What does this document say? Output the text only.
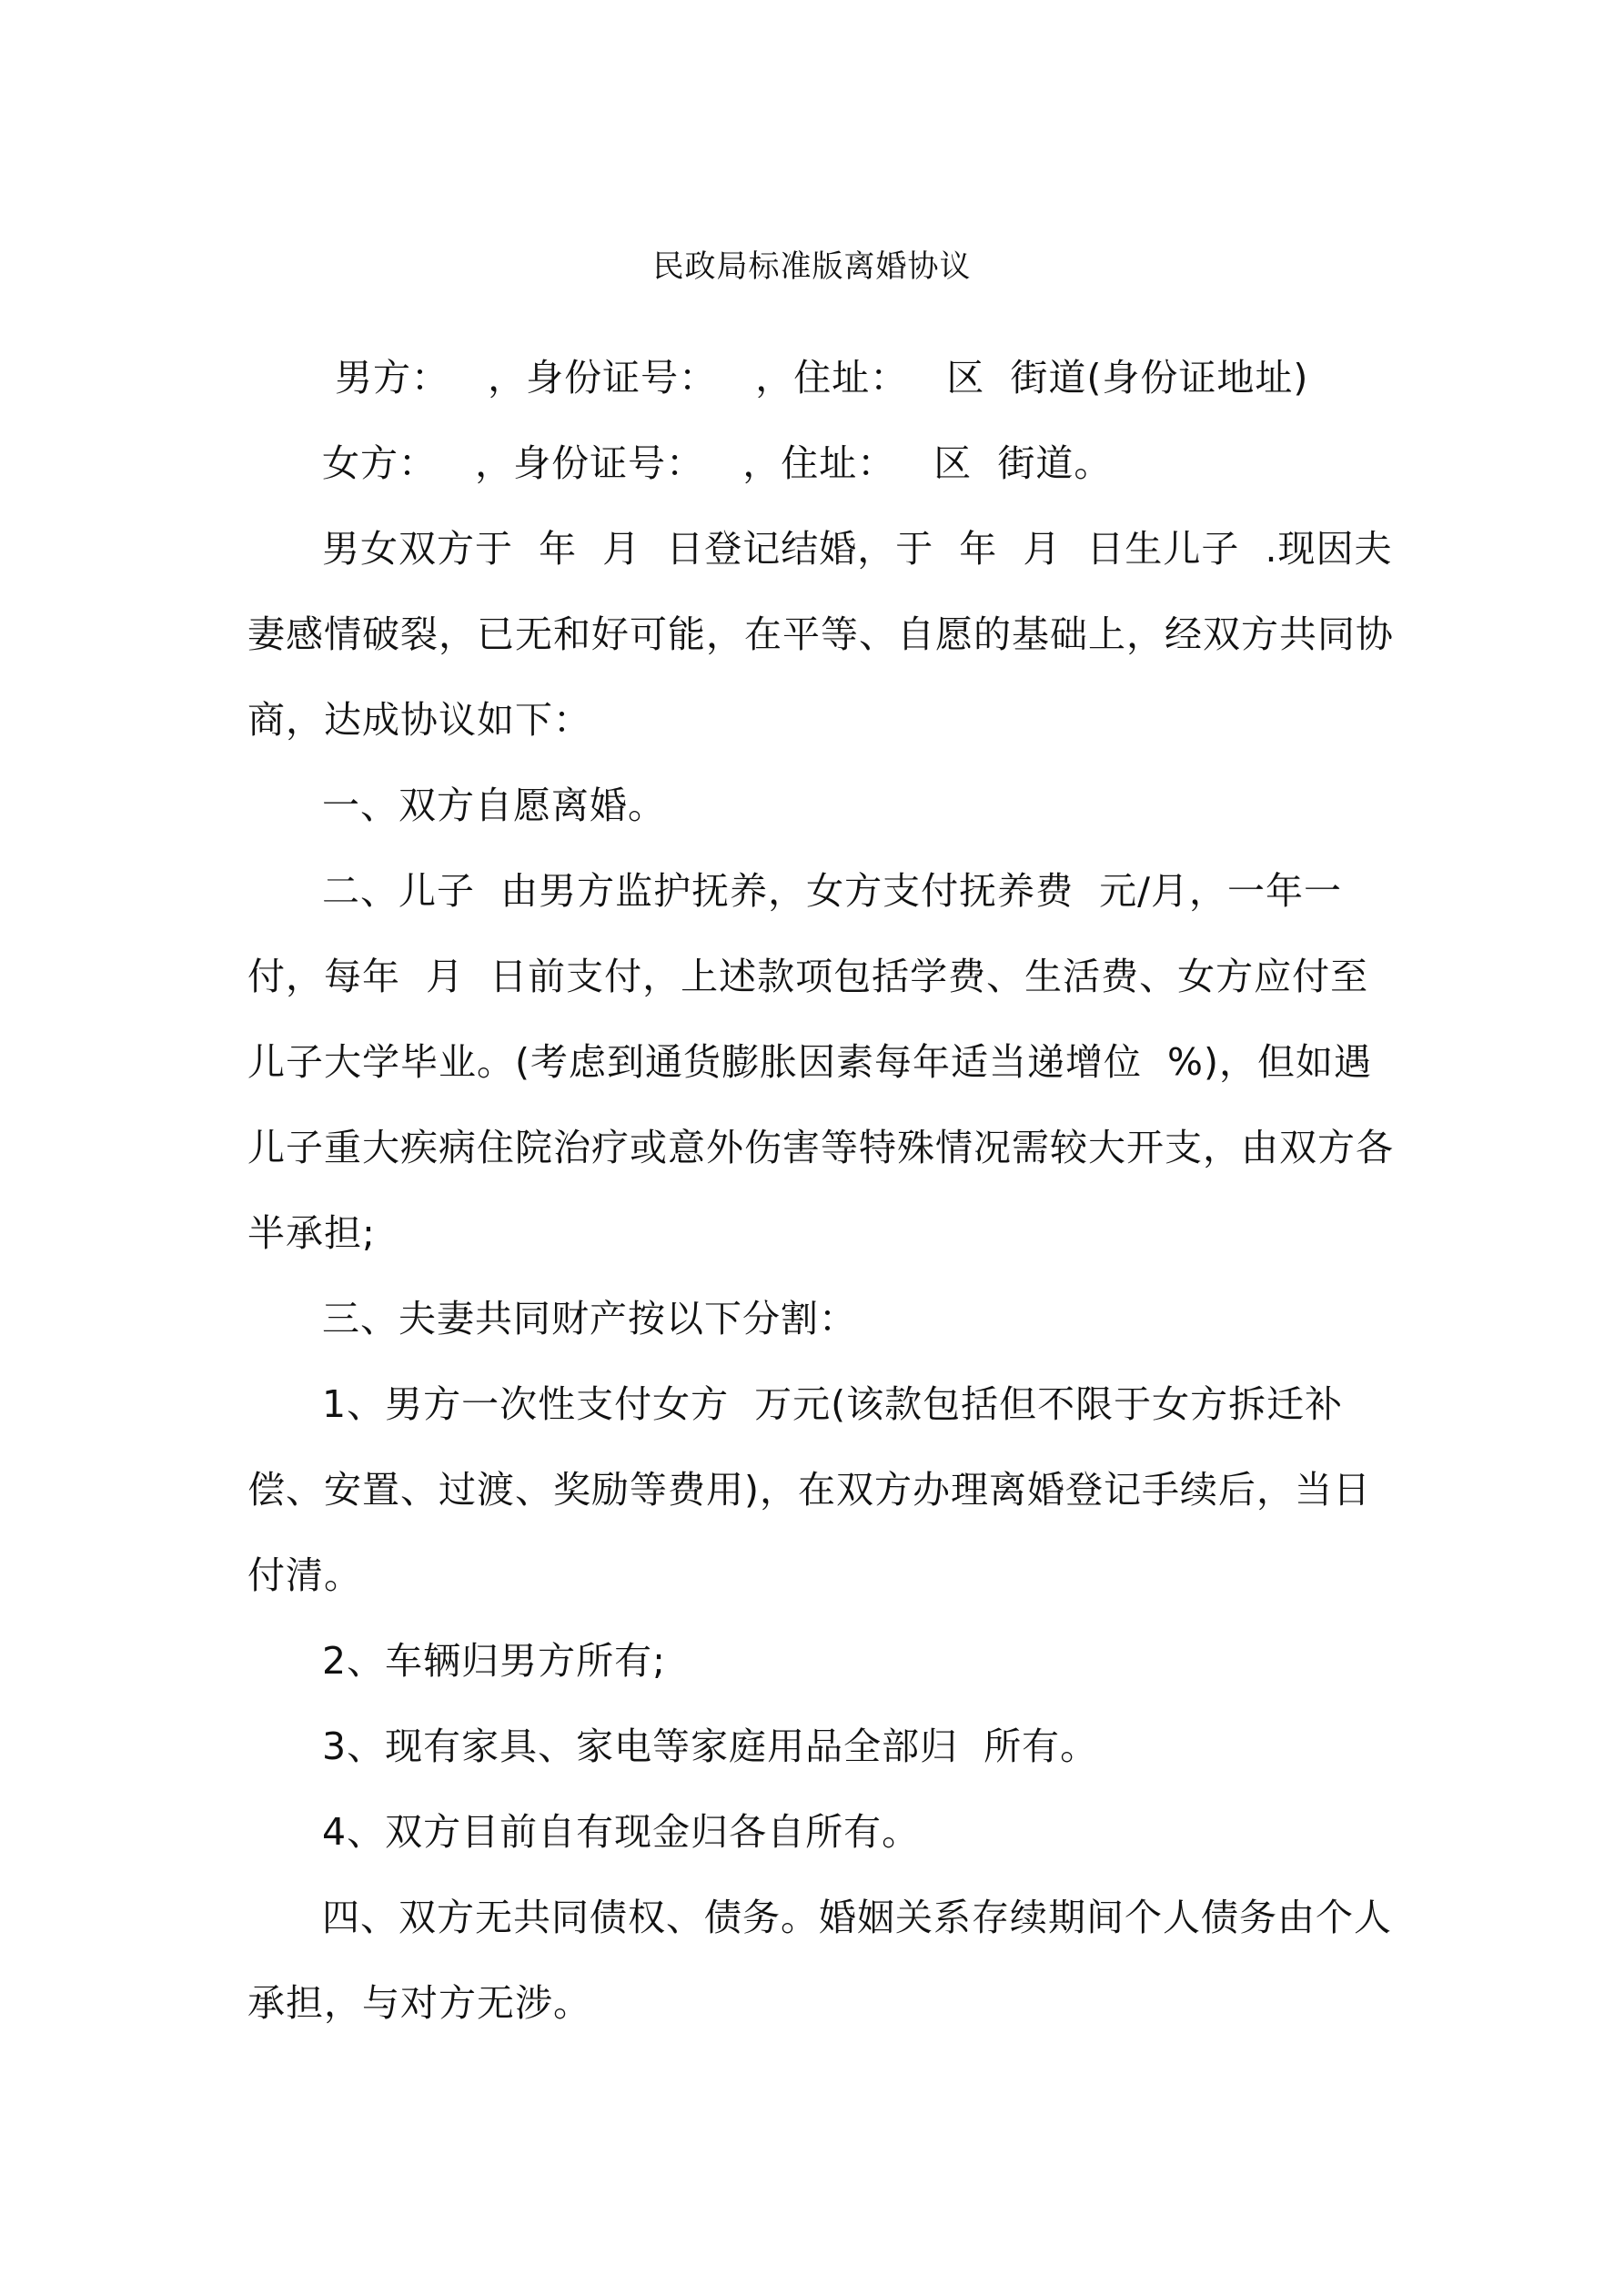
民政局标准版离婚协议

男方：   ，身份证号：   ，住址：   区  街道(身份证地址)

女方：   ，身份证号：   ，住址：   区  街道。

男女双方于  年  月  日登记结婚，于  年  月  日生儿子  .现因夫妻感情破裂，已无和好可能，在平等、自愿的基础上，经双方共同协商，达成协议如下：

一、双方自愿离婚。

二、儿子  由男方监护抚养，女方支付抚养费  元/月，一年一付，每年  月  日前支付，上述款项包括学费、生活费、女方应付至儿子大学毕业。(考虑到通货膨胀因素每年适当递增位  %)，但如遇儿子重大疾病住院治疗或意外伤害等特殊情况需较大开支，由双方各半承担;

三、夫妻共同财产按以下分割：

1、男方一次性支付女方  万元(该款包括但不限于女方拆迁补偿、安置、过渡、奖励等费用)，在双方办理离婚登记手续后，当日付清。

2、车辆归男方所有;

3、现有家具、家电等家庭用品全部归  所有。

4、双方目前自有现金归各自所有。

四、双方无共同债权、债务。婚姻关系存续期间个人债务由个人承担，与对方无涉。
